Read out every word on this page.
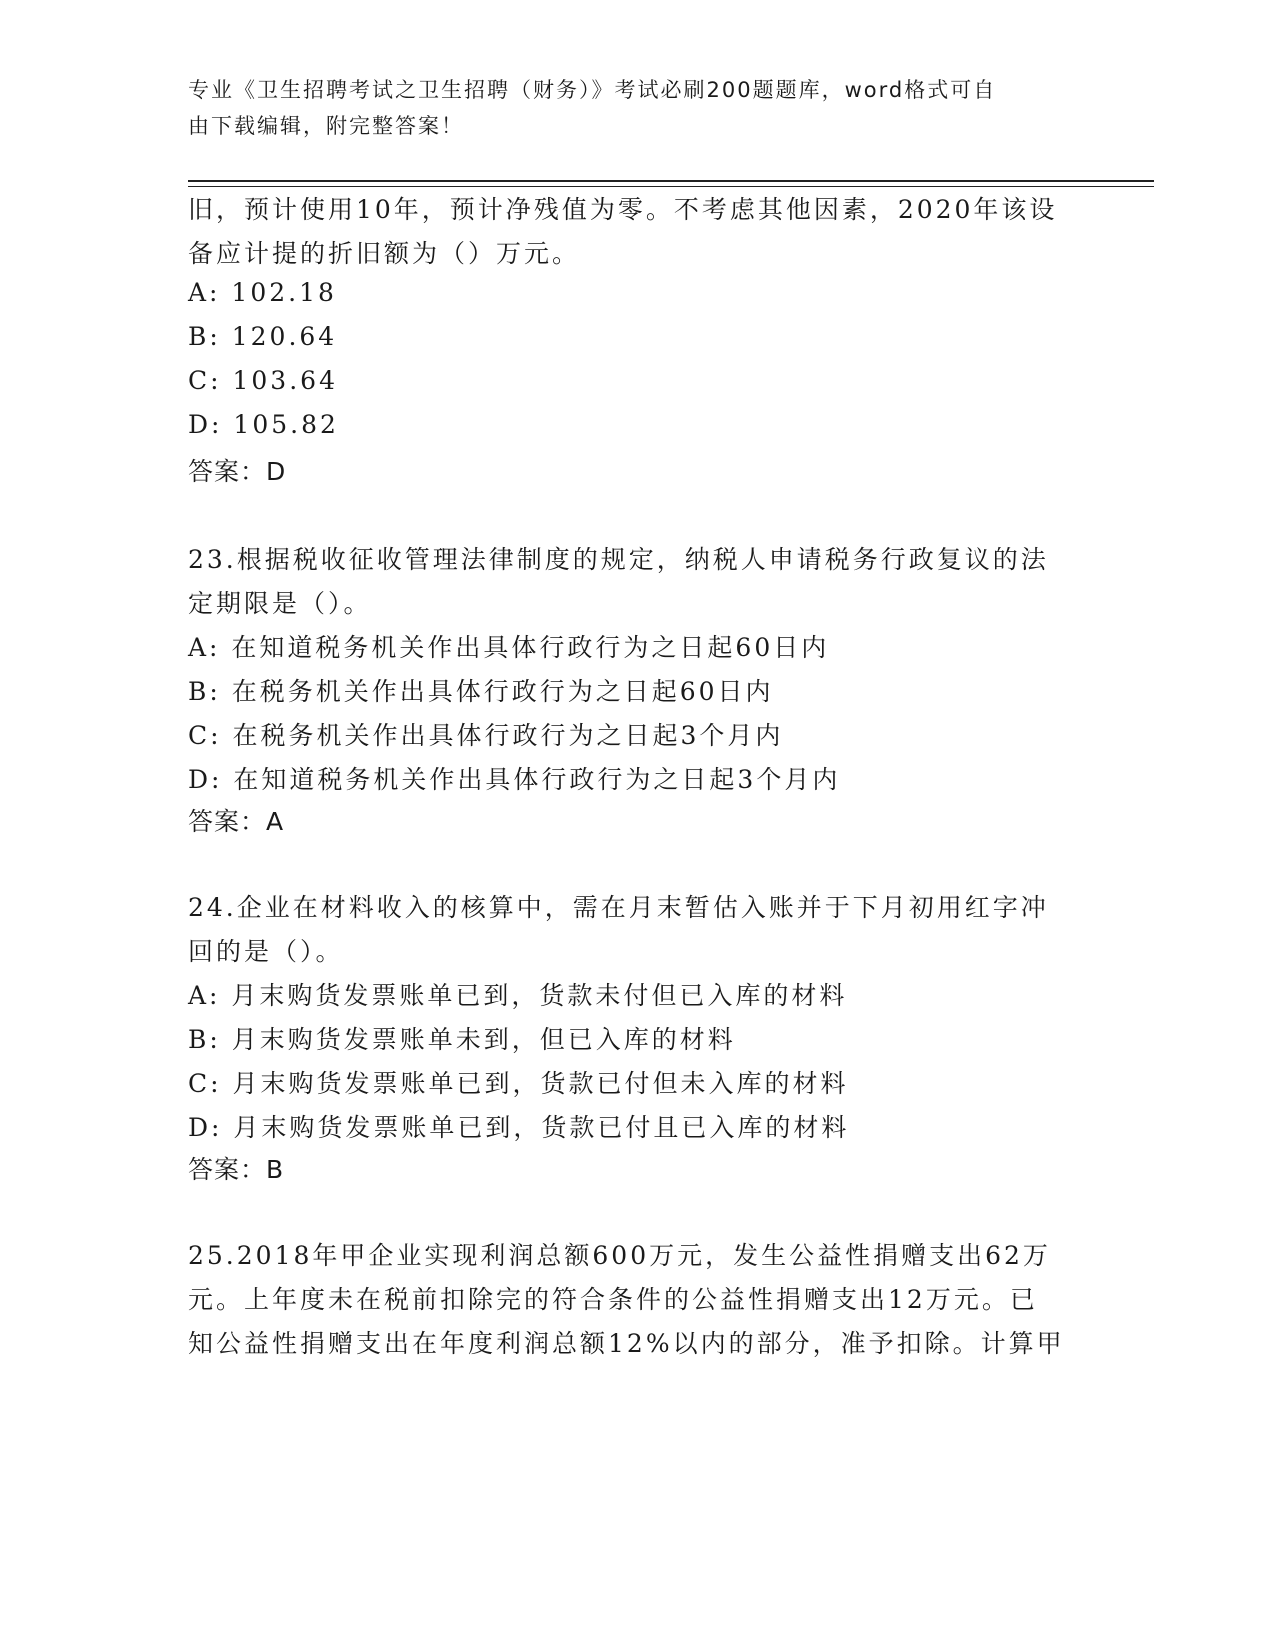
专业《卫生招聘考试之卫生招聘（财务）》考试必刷200题题库，word格式可自
由下载编辑，附完整答案！
旧，预计使用10年，预计净残值为零。不考虑其他因素，2020年该设
备应计提的折旧额为（）万元。
A: 102.18
B: 120.64
C: 103.64
D: 105.82
答案：D
23.根据税收征收管理法律制度的规定，纳税人申请税务行政复议的法
定期限是（）。
A: 在知道税务机关作出具体行政行为之日起60日内
B: 在税务机关作出具体行政行为之日起60日内
C: 在税务机关作出具体行政行为之日起3个月内
D: 在知道税务机关作出具体行政行为之日起3个月内
答案：A
24.企业在材料收入的核算中，需在月末暂估入账并于下月初用红字冲
回的是（）。
A: 月末购货发票账单已到，货款未付但已入库的材料
B: 月末购货发票账单未到，但已入库的材料
C: 月末购货发票账单已到，货款已付但未入库的材料
D: 月末购货发票账单已到，货款已付且已入库的材料
答案：B
25.2018年甲企业实现利润总额600万元，发生公益性捐赠支出62万
元。上年度未在税前扣除完的符合条件的公益性捐赠支出12万元。已
知公益性捐赠支出在年度利润总额12%以内的部分，准予扣除。计算甲
